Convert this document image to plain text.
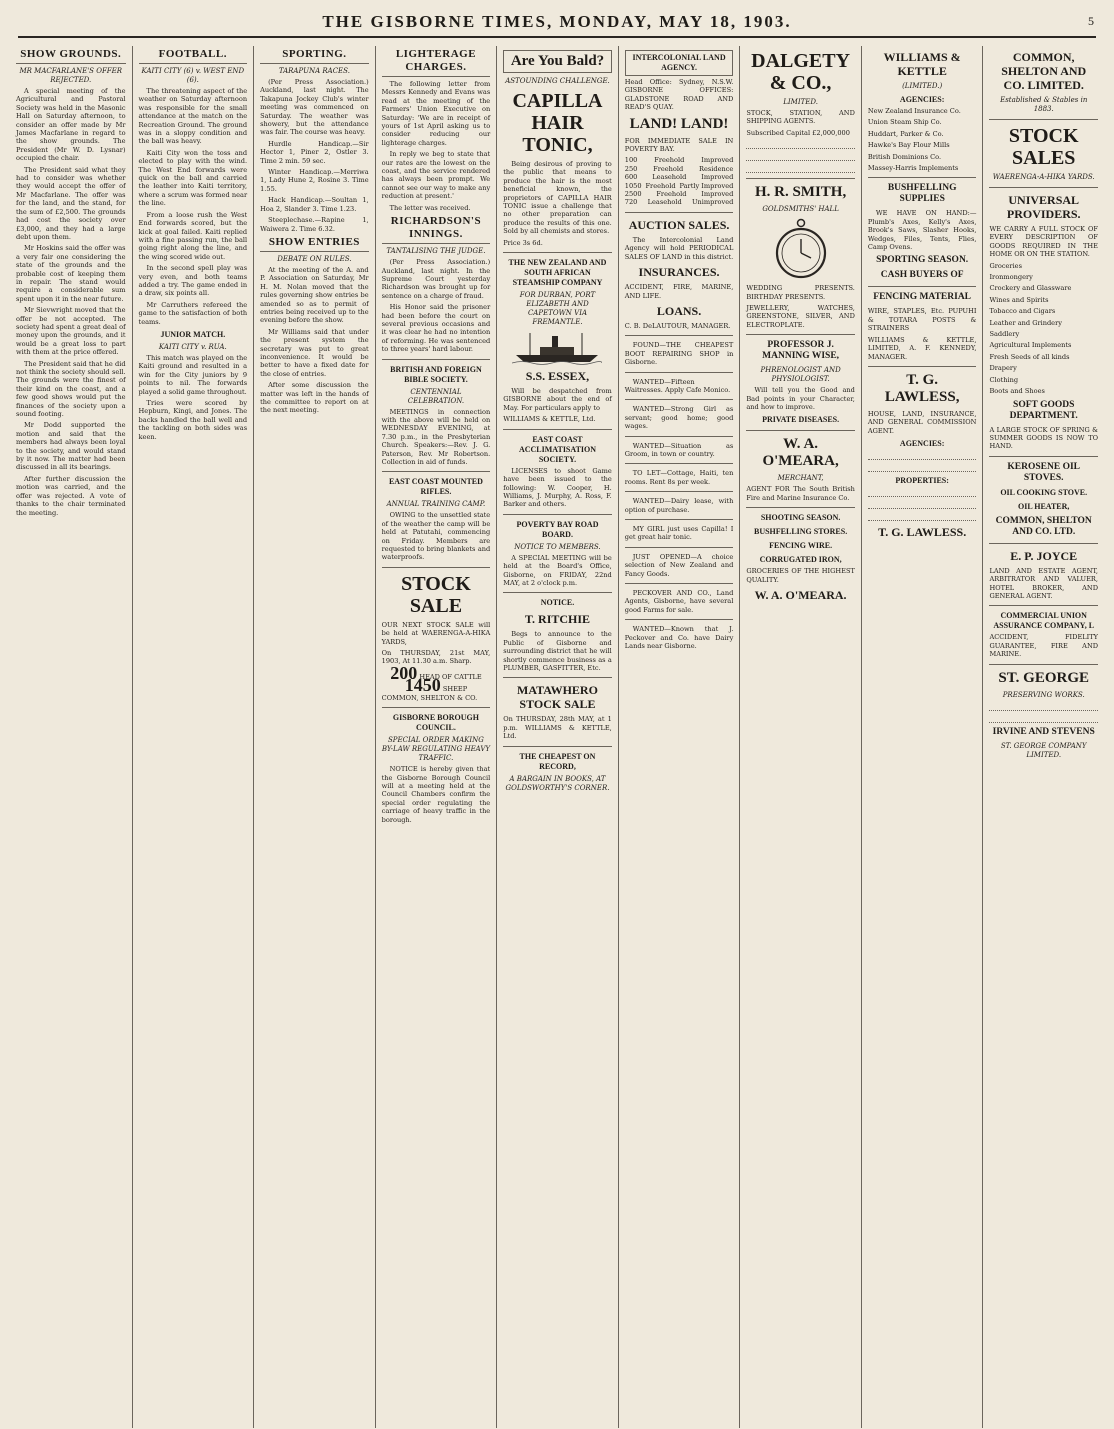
THE GISBORNE TIMES, MONDAY, MAY 18, 1903.	5
SHOW GROUNDS.
MR MACFARLANE'S OFFER REJECTED.

A special meeting of the Agricultural and Pastoral Society was held in the Masonic Hall on Saturday afternoon, to consider an offer made by Mr James Macfarlane in regard to the show grounds. The President (Mr W. D. Lysnar) occupied the chair.

The President said what they had to consider was whether they would accept the offer of Mr Macfarlane. The offer was for the land, and the stand, for the sum of £2,500. The grounds had cost the society over £3,000, and they had a large debt upon them.

Mr Hoskins said the offer was a very fair one considering the state of the grounds and the probable cost of keeping them in repair. The stand would require a considerable sum spent upon it in the near future.

Mr Sievwright moved that the offer be not accepted. The society had spent a great deal of money upon the grounds, and it would be a great loss to part with them at the price offered.

The President said that he did not think the society should sell. The grounds were the finest of their kind on the coast, and a few good shows would put the finances of the society upon a sound footing.

Mr Dodd supported the motion and said that the members had always been loyal to the society, and would stand by it now. The matter had been discussed in all its bearings.

After further discussion the motion was carried, and the offer was rejected. A vote of thanks to the chair terminated the meeting.

FOOTBALL.
KAITI CITY (6) v. WEST END (6).

The threatening aspect of the weather on Saturday afternoon was responsible for the small attendance at the match on the Recreation Ground. The ground was in a sloppy condition and the ball was heavy.

Kaiti City won the toss and elected to play with the wind. The West End forwards were quick on the ball and carried the leather into Kaiti territory, where a scrum was formed near the line.

From a loose rush the West End forwards scored, but the kick at goal failed. Kaiti replied with a fine passing run, the ball going right along the line, and the wing scored wide out.

In the second spell play was very even, and both teams added a try. The game ended in a draw, six points all.

Mr Carruthers refereed the game to the satisfaction of both teams.

JUNIOR MATCH.
KAITI CITY v. RUA.

This match was played on the Kaiti ground and resulted in a win for the City juniors by 9 points to nil. The forwards played a solid game throughout.

Tries were scored by Hepburn, Kingi, and Jones. The backs handled the ball well and the tackling on both sides was keen.

SPORTING.
TARAPUNA RACES.

(Per Press Association.) Auckland, last night. The Takapuna Jockey Club's winter meeting was commenced on Saturday. The weather was showery, but the attendance was fair. The course was heavy.

Hurdle Handicap.—Sir Hector 1, Piner 2, Ostler 3. Time 2 min. 59 sec.

Winter Handicap.—Merriwa 1, Lady Hune 2, Rosine 3. Time 1.55.

Hack Handicap.—Soultan 1, Hoa 2, Slander 3. Time 1.23.

Steeplechase.—Rapine 1, Waiwera 2. Time 6.32.

SHOW ENTRIES
DEBATE ON RULES.

At the meeting of the A. and P. Association on Saturday, Mr H. M. Nolan moved that the rules governing show entries be amended so as to permit of entries being received up to the evening before the show.

Mr Williams said that under the present system the secretary was put to great inconvenience. It would be better to have a fixed date for the close of entries.

After some discussion the matter was left in the hands of the committee to report on at the next meeting.

LIGHTERAGE CHARGES.

The following letter from Messrs Kennedy and Evans was read at the meeting of the Farmers' Union Executive on Saturday: 'We are in receipt of yours of 1st April asking us to consider reducing our lighterage charges.

In reply we beg to state that our rates are the lowest on the coast, and the service rendered has always been prompt. We cannot see our way to make any reduction at present.'

The letter was received.

RICHARDSON'S INNINGS.
TANTALISING THE JUDGE.

(Per Press Association.) Auckland, last night. In the Supreme Court yesterday Richardson was brought up for sentence on a charge of fraud.

His Honor said the prisoner had been before the court on several previous occasions and it was clear he had no intention of reforming. He was sentenced to three years' hard labour.

BRITISH AND FOREIGN BIBLE SOCIETY.
CENTENNIAL CELEBRATION.

MEETINGS in connection with the above will be held on WEDNESDAY EVENING, at 7.30 p.m., in the Presbyterian Church. Speakers:—Rev. J. G. Paterson, Rev. Mr Robertson. Collection in aid of funds.

EAST COAST MOUNTED RIFLES.
ANNUAL TRAINING CAMP.

OWING to the unsettled state of the weather the camp will be held at Patutahi, commencing on Friday. Members are requested to bring blankets and waterproofs.

STOCK SALE

OUR NEXT STOCK SALE will be held at WAERENGA-A-HIKA YARDS,

On THURSDAY, 21st MAY, 1903, At 11.30 a.m. Sharp.

200 HEAD OF CATTLE
1450 SHEEP

COMMON, SHELTON & CO.

GISBORNE BOROUGH COUNCIL.
SPECIAL ORDER MAKING BY-LAW REGULATING HEAVY TRAFFIC.

NOTICE is hereby given that the Gisborne Borough Council will at a meeting held at the Council Chambers confirm the special order regulating the carriage of heavy traffic in the borough.

Are You Bald?
ASTOUNDING CHALLENGE.
CAPILLA HAIR TONIC,

Being desirous of proving to the public that means to produce the hair is the most beneficial known, the proprietors of CAPILLA HAIR TONIC issue a challenge that no other preparation can produce the results of this one. Sold by all chemists and stores.

Price 3s 6d.

THE NEW ZEALAND AND SOUTH AFRICAN STEAMSHIP COMPANY
FOR DURBAN, PORT ELIZABETH AND CAPETOWN VIA FREMANTLE.
S.S. ESSEX,

Will be despatched from GISBORNE about the end of May. For particulars apply to

WILLIAMS & KETTLE, Ltd.

EAST COAST ACCLIMATISATION SOCIETY.

LICENSES to shoot Game have been issued to the following: W. Cooper, H. Williams, J. Murphy, A. Ross, F. Barker and others.

POVERTY BAY ROAD BOARD.
NOTICE TO MEMBERS.

A SPECIAL MEETING will be held at the Board's Office, Gisborne, on FRIDAY, 22nd MAY, at 2 o'clock p.m.

NOTICE.
T. RITCHIE

Begs to announce to the Public of Gisborne and surrounding district that he will shortly commence business as a PLUMBER, GASFITTER, Etc.

MATAWHERO STOCK SALE

On THURSDAY, 28th MAY, at 1 p.m. WILLIAMS & KETTLE, Ltd.

THE CHEAPEST ON RECORD,
A BARGAIN IN BOOKS, AT GOLDSWORTHY'S CORNER.
INTERCOLONIAL LAND AGENCY.

Head Office: Sydney, N.S.W. GISBORNE OFFICES: GLADSTONE ROAD AND READ'S QUAY.

LAND! LAND!

FOR IMMEDIATE SALE IN POVERTY BAY.

100	Freehold	Improved
250 Freehold Residence
600 Leasehold Improved
1050 Freehold Partly Improved
2500 Freehold Improved
720 Leasehold Unimproved
AUCTION SALES.

The Intercolonial Land Agency will hold PERIODICAL SALES OF LAND in this district.

INSURANCES.

ACCIDENT, FIRE, MARINE, AND LIFE.

LOANS.

C. B. DeLAUTOUR, MANAGER.

FOUND—THE CHEAPEST BOOT REPAIRING SHOP in Gisborne.

WANTED—Fifteen Waitresses. Apply Cafe Monico.

WANTED—Strong Girl as servant; good home; good wages.

WANTED—Situation as Groom, in town or country.

TO LET—Cottage, Haiti, ten rooms. Rent 8s per week.

WANTED—Dairy lease, with option of purchase.

MY GIRL just uses Capilla! I get great hair tonic.

JUST OPENED—A choice selection of New Zealand and Fancy Goods.

PECKOVER AND CO., Land Agents, Gisborne, have several good Farms for sale.

WANTED—Known that J. Peckover and Co. have Dairy Lands near Gisborne.

DALGETY & CO.,
LIMITED.

STOCK, STATION, AND SHIPPING AGENTS.

Subscribed Capital £2,000,000

H. R. SMITH,
GOLDSMITHS' HALL

WEDDING PRESENTS. BIRTHDAY PRESENTS.

JEWELLERY, WATCHES, GREENSTONE, SILVER, AND ELECTROPLATE.

PROFESSOR J. MANNING WISE,
PHRENOLOGIST AND PHYSIOLOGIST.

Will tell you the Good and Bad points in your Character, and how to improve.

PRIVATE DISEASES.
W. A. O'MEARA,
MERCHANT,

AGENT FOR The South British Fire and Marine Insurance Co.

SHOOTING SEASON.
BUSHFELLING STORES.
FENCING WIRE.
CORRUGATED IRON,

GROCERIES OF THE HIGHEST QUALITY.

W. A. O'MEARA.
WILLIAMS & KETTLE
(LIMITED.)
AGENCIES:

New Zealand Insurance Co.

Union Steam Ship Co.

Huddart, Parker & Co.

Hawke's Bay Flour Mills

British Dominions Co.

Massey-Harris Implements

BUSHFELLING SUPPLIES

WE HAVE ON HAND:— Plumb's Axes, Kelly's Axes, Brook's Saws, Slasher Hooks, Wedges, Files, Tents, Flies, Camp Ovens.

SPORTING SEASON.
CASH BUYERS OF
FENCING MATERIAL

WIRE, STAPLES, Etc. PUPUHI & TOTARA POSTS & STRAINERS

WILLIAMS & KETTLE, LIMITED, A. F. KENNEDY, MANAGER.

T. G. LAWLESS,

HOUSE, LAND, INSURANCE, AND GENERAL COMMISSION AGENT.

AGENCIES:
PROPERTIES:
T. G. LAWLESS.
COMMON, SHELTON AND CO. LIMITED.
Established & Stables in 1883.
STOCK SALES
WAERENGA-A-HIKA YARDS.
UNIVERSAL PROVIDERS.

WE CARRY A FULL STOCK OF EVERY DESCRIPTION OF GOODS REQUIRED IN THE HOME OR ON THE STATION.

Groceries

Ironmongery

Crockery and Glassware

Wines and Spirits

Tobacco and Cigars

Leather and Grindery

Saddlery

Agricultural Implements

Fresh Seeds of all kinds

Drapery

Clothing

Boots and Shoes

SOFT GOODS DEPARTMENT.

A LARGE STOCK OF SPRING & SUMMER GOODS IS NOW TO HAND.

KEROSENE OIL STOVES.
OIL COOKING STOVE.
OIL HEATER,
COMMON, SHELTON AND CO. LTD.
E. P. JOYCE

LAND AND ESTATE AGENT, ARBITRATOR AND VALUER, HOTEL BROKER, AND GENERAL AGENT.

COMMERCIAL UNION ASSURANCE COMPANY, L

ACCIDENT, FIDELITY GUARANTEE, FIRE AND MARINE.

ST. GEORGE
PRESERVING WORKS.
IRVINE AND STEVENS
ST. GEORGE COMPANY LIMITED.
